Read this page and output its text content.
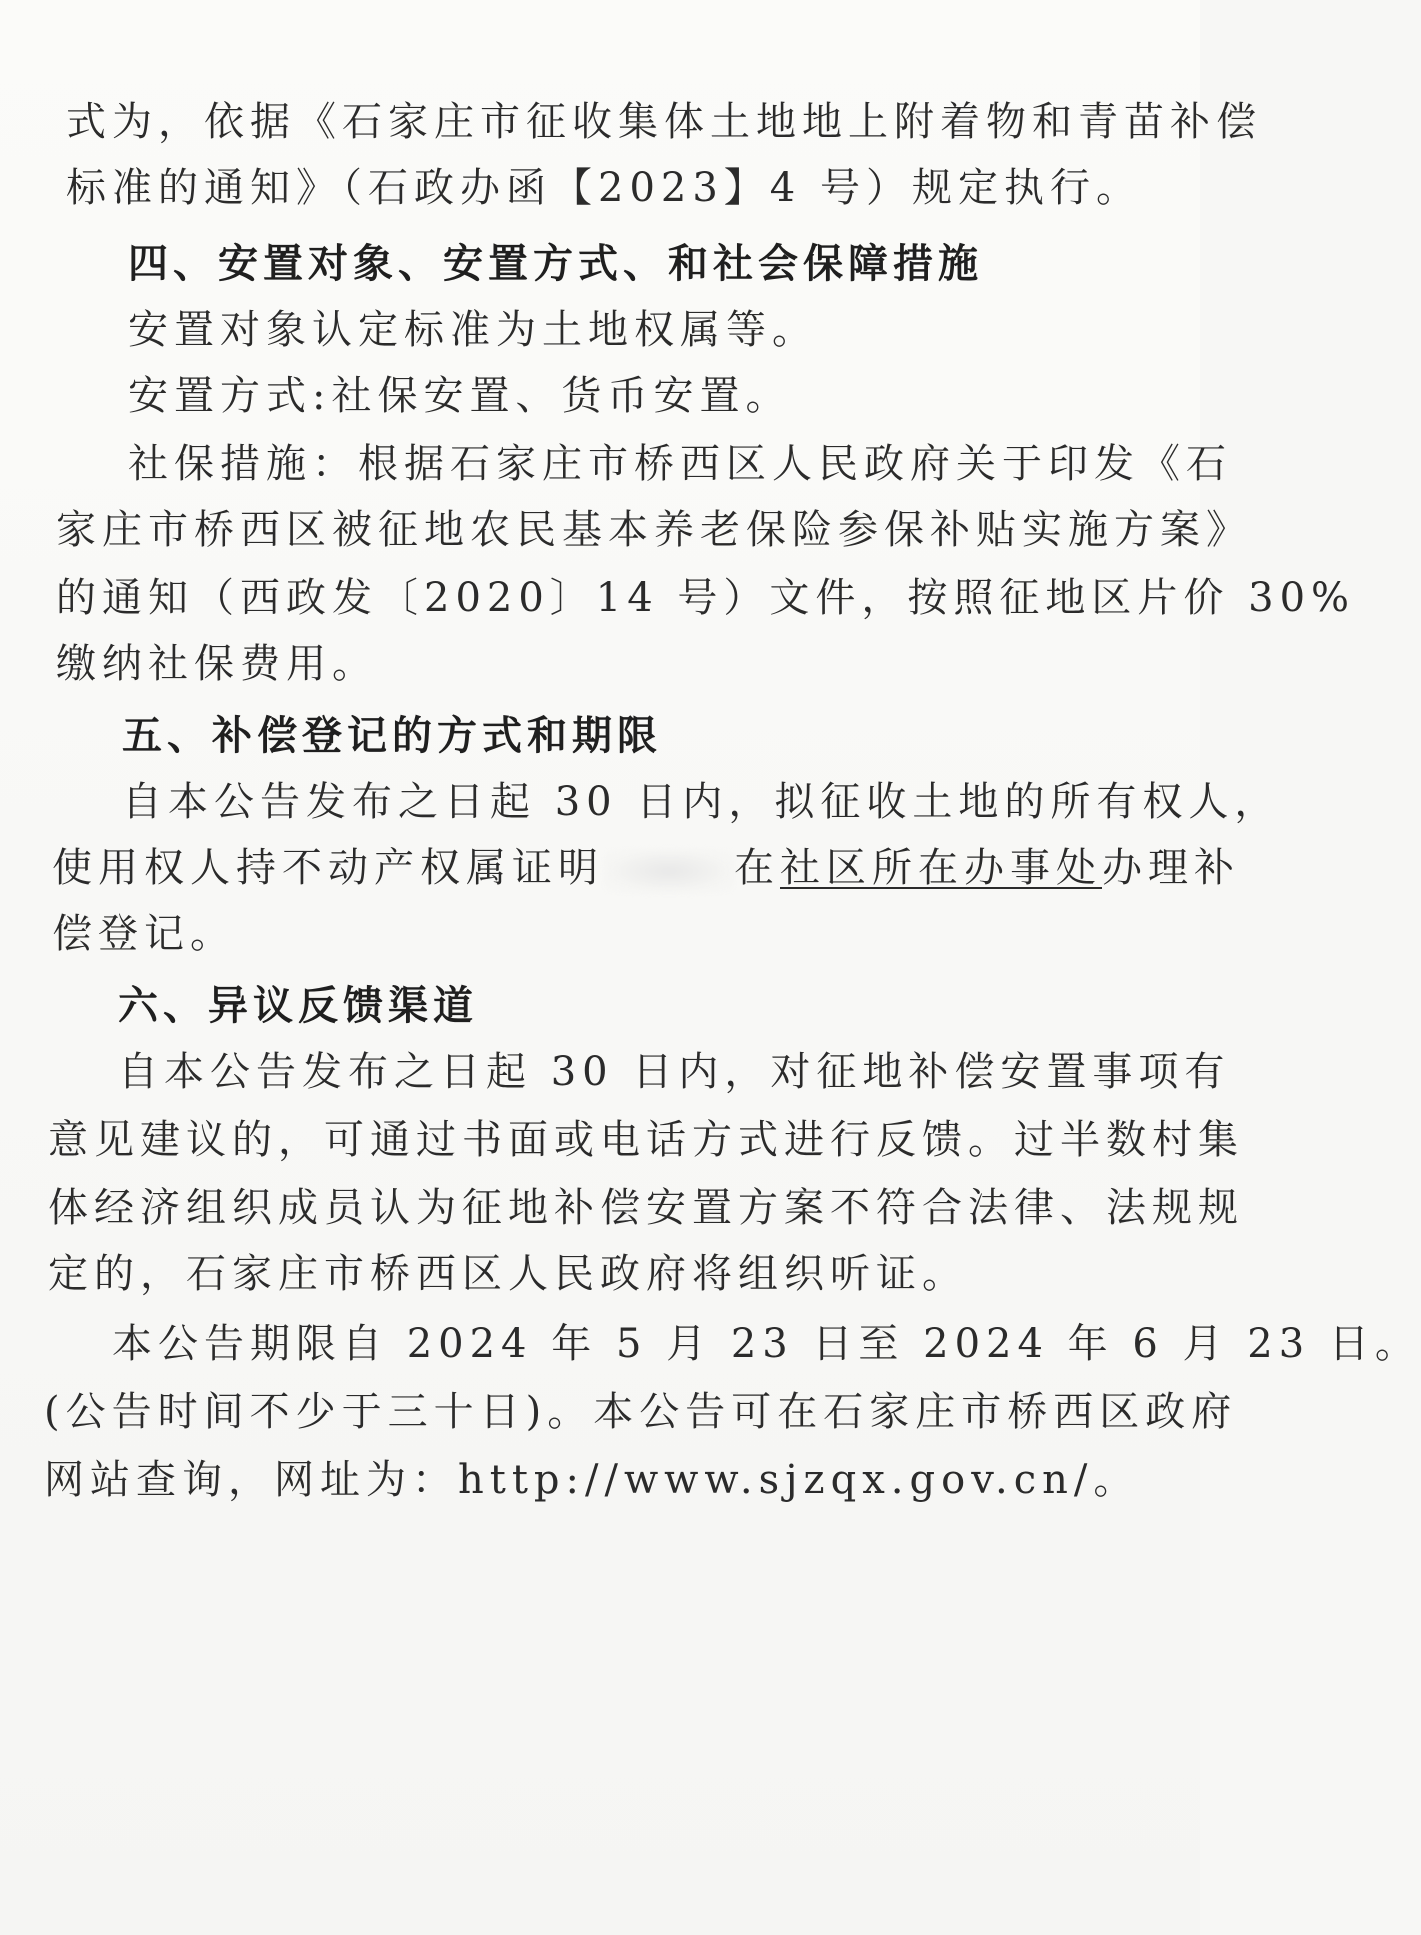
式为，依据《石家庄市征收集体土地地上附着物和青苗补偿
标准的通知》（石政办函【2023】4 号）规定执行。
四、安置对象、安置方式、和社会保障措施
安置对象认定标准为土地权属等。
安置方式:社保安置、货币安置。
社保措施：根据石家庄市桥西区人民政府关于印发《石
家庄市桥西区被征地农民基本养老保险参保补贴实施方案》
的通知（西政发〔2020〕14 号）文件，按照征地区片价 30%
缴纳社保费用。
五、补偿登记的方式和期限
自本公告发布之日起 30 日内，拟征收土地的所有权人，
使用权人持不动产权属证明	在社区所在办事处办理补
偿登记。
六、异议反馈渠道
自本公告发布之日起 30 日内，对征地补偿安置事项有
意见建议的，可通过书面或电话方式进行反馈。过半数村集
体经济组织成员认为征地补偿安置方案不符合法律、法规规
定的，石家庄市桥西区人民政府将组织听证。
本公告期限自 2024 年 5 月 23 日至 2024 年 6 月 23 日。
(公告时间不少于三十日)。本公告可在石家庄市桥西区政府
网站查询，网址为：http://www.sjzqx.gov.cn/。
